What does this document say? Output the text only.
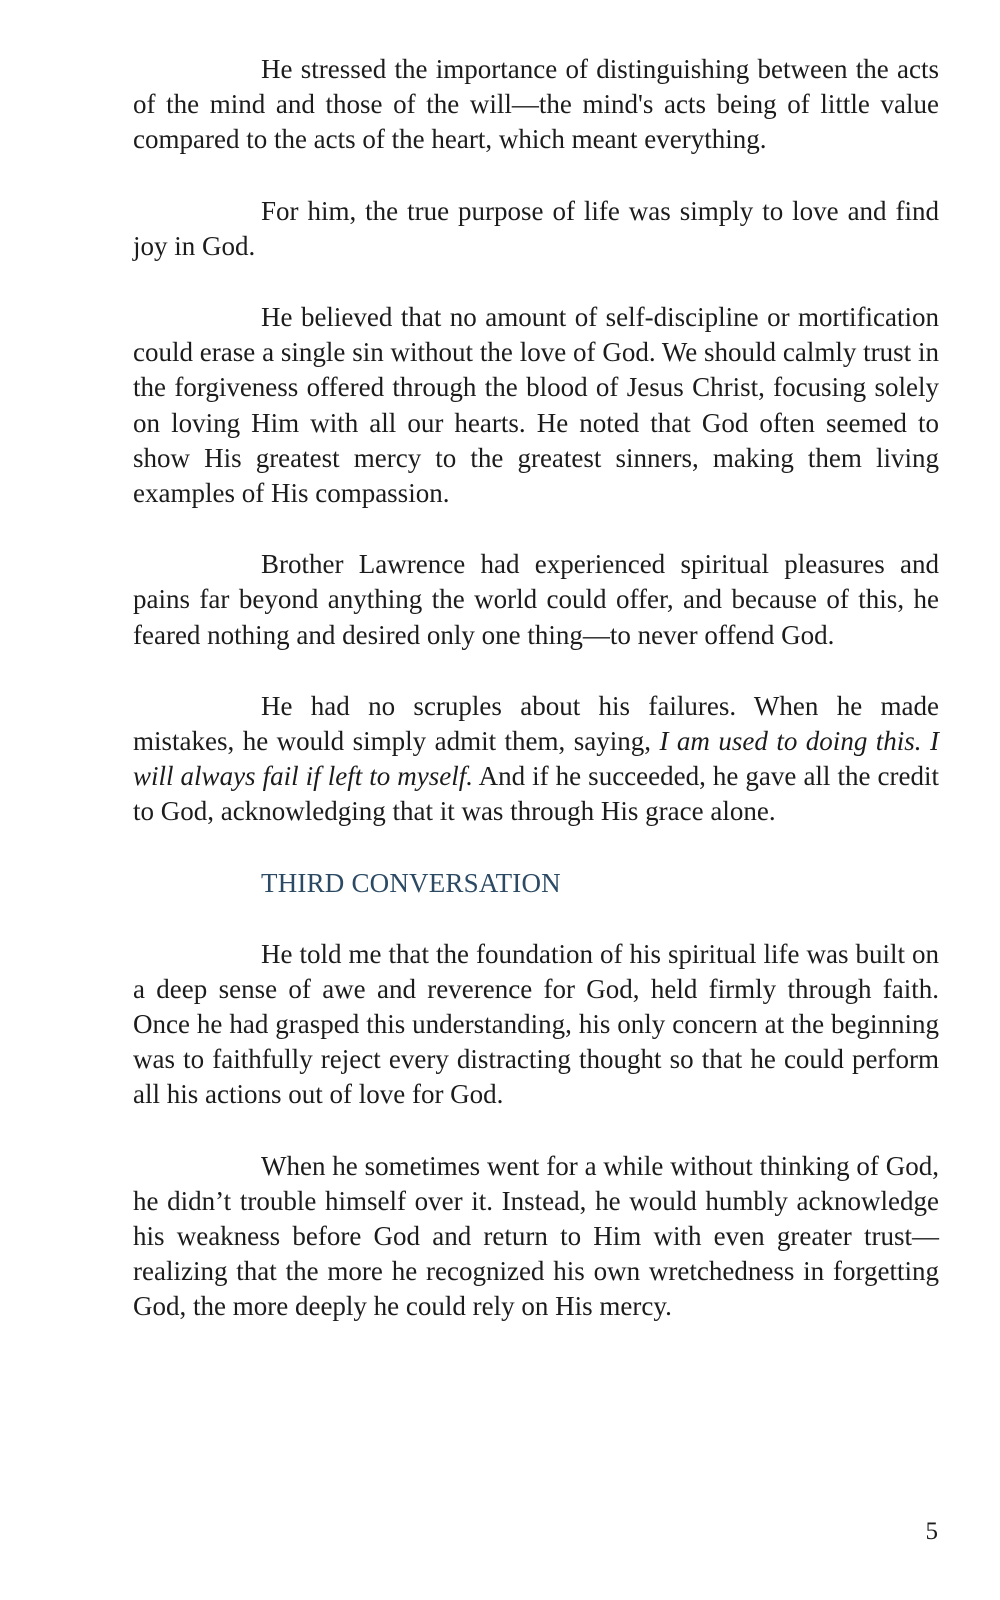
He stressed the importance of distinguishing between the acts of the mind and those of the will—the mind's acts being of little value compared to the acts of the heart, which meant everything.

For him, the true purpose of life was simply to love and find joy in God.

He believed that no amount of self-discipline or mortification could erase a single sin without the love of God. We should calmly trust in the forgiveness offered through the blood of Jesus Christ, focusing solely on loving Him with all our hearts. He noted that God often seemed to show His greatest mercy to the greatest sinners, making them living examples of His compassion.

Brother Lawrence had experienced spiritual pleasures and pains far beyond anything the world could offer, and because of this, he feared nothing and desired only one thing—to never offend God.

He had no scruples about his failures. When he made mistakes, he would simply admit them, saying, I am used to doing this. I will always fail if left to myself. And if he succeeded, he gave all the credit to God, acknowledging that it was through His grace alone.

THIRD CONVERSATION

He told me that the foundation of his spiritual life was built on a deep sense of awe and reverence for God, held firmly through faith. Once he had grasped this understanding, his only concern at the beginning was to faithfully reject every distracting thought so that he could perform all his actions out of love for God.

When he sometimes went for a while without thinking of God, he didn’t trouble himself over it. Instead, he would humbly acknowledge his weakness before God and return to Him with even greater trust—realizing that the more he recognized his own wretchedness in forgetting God, the more deeply he could rely on His mercy.

5
